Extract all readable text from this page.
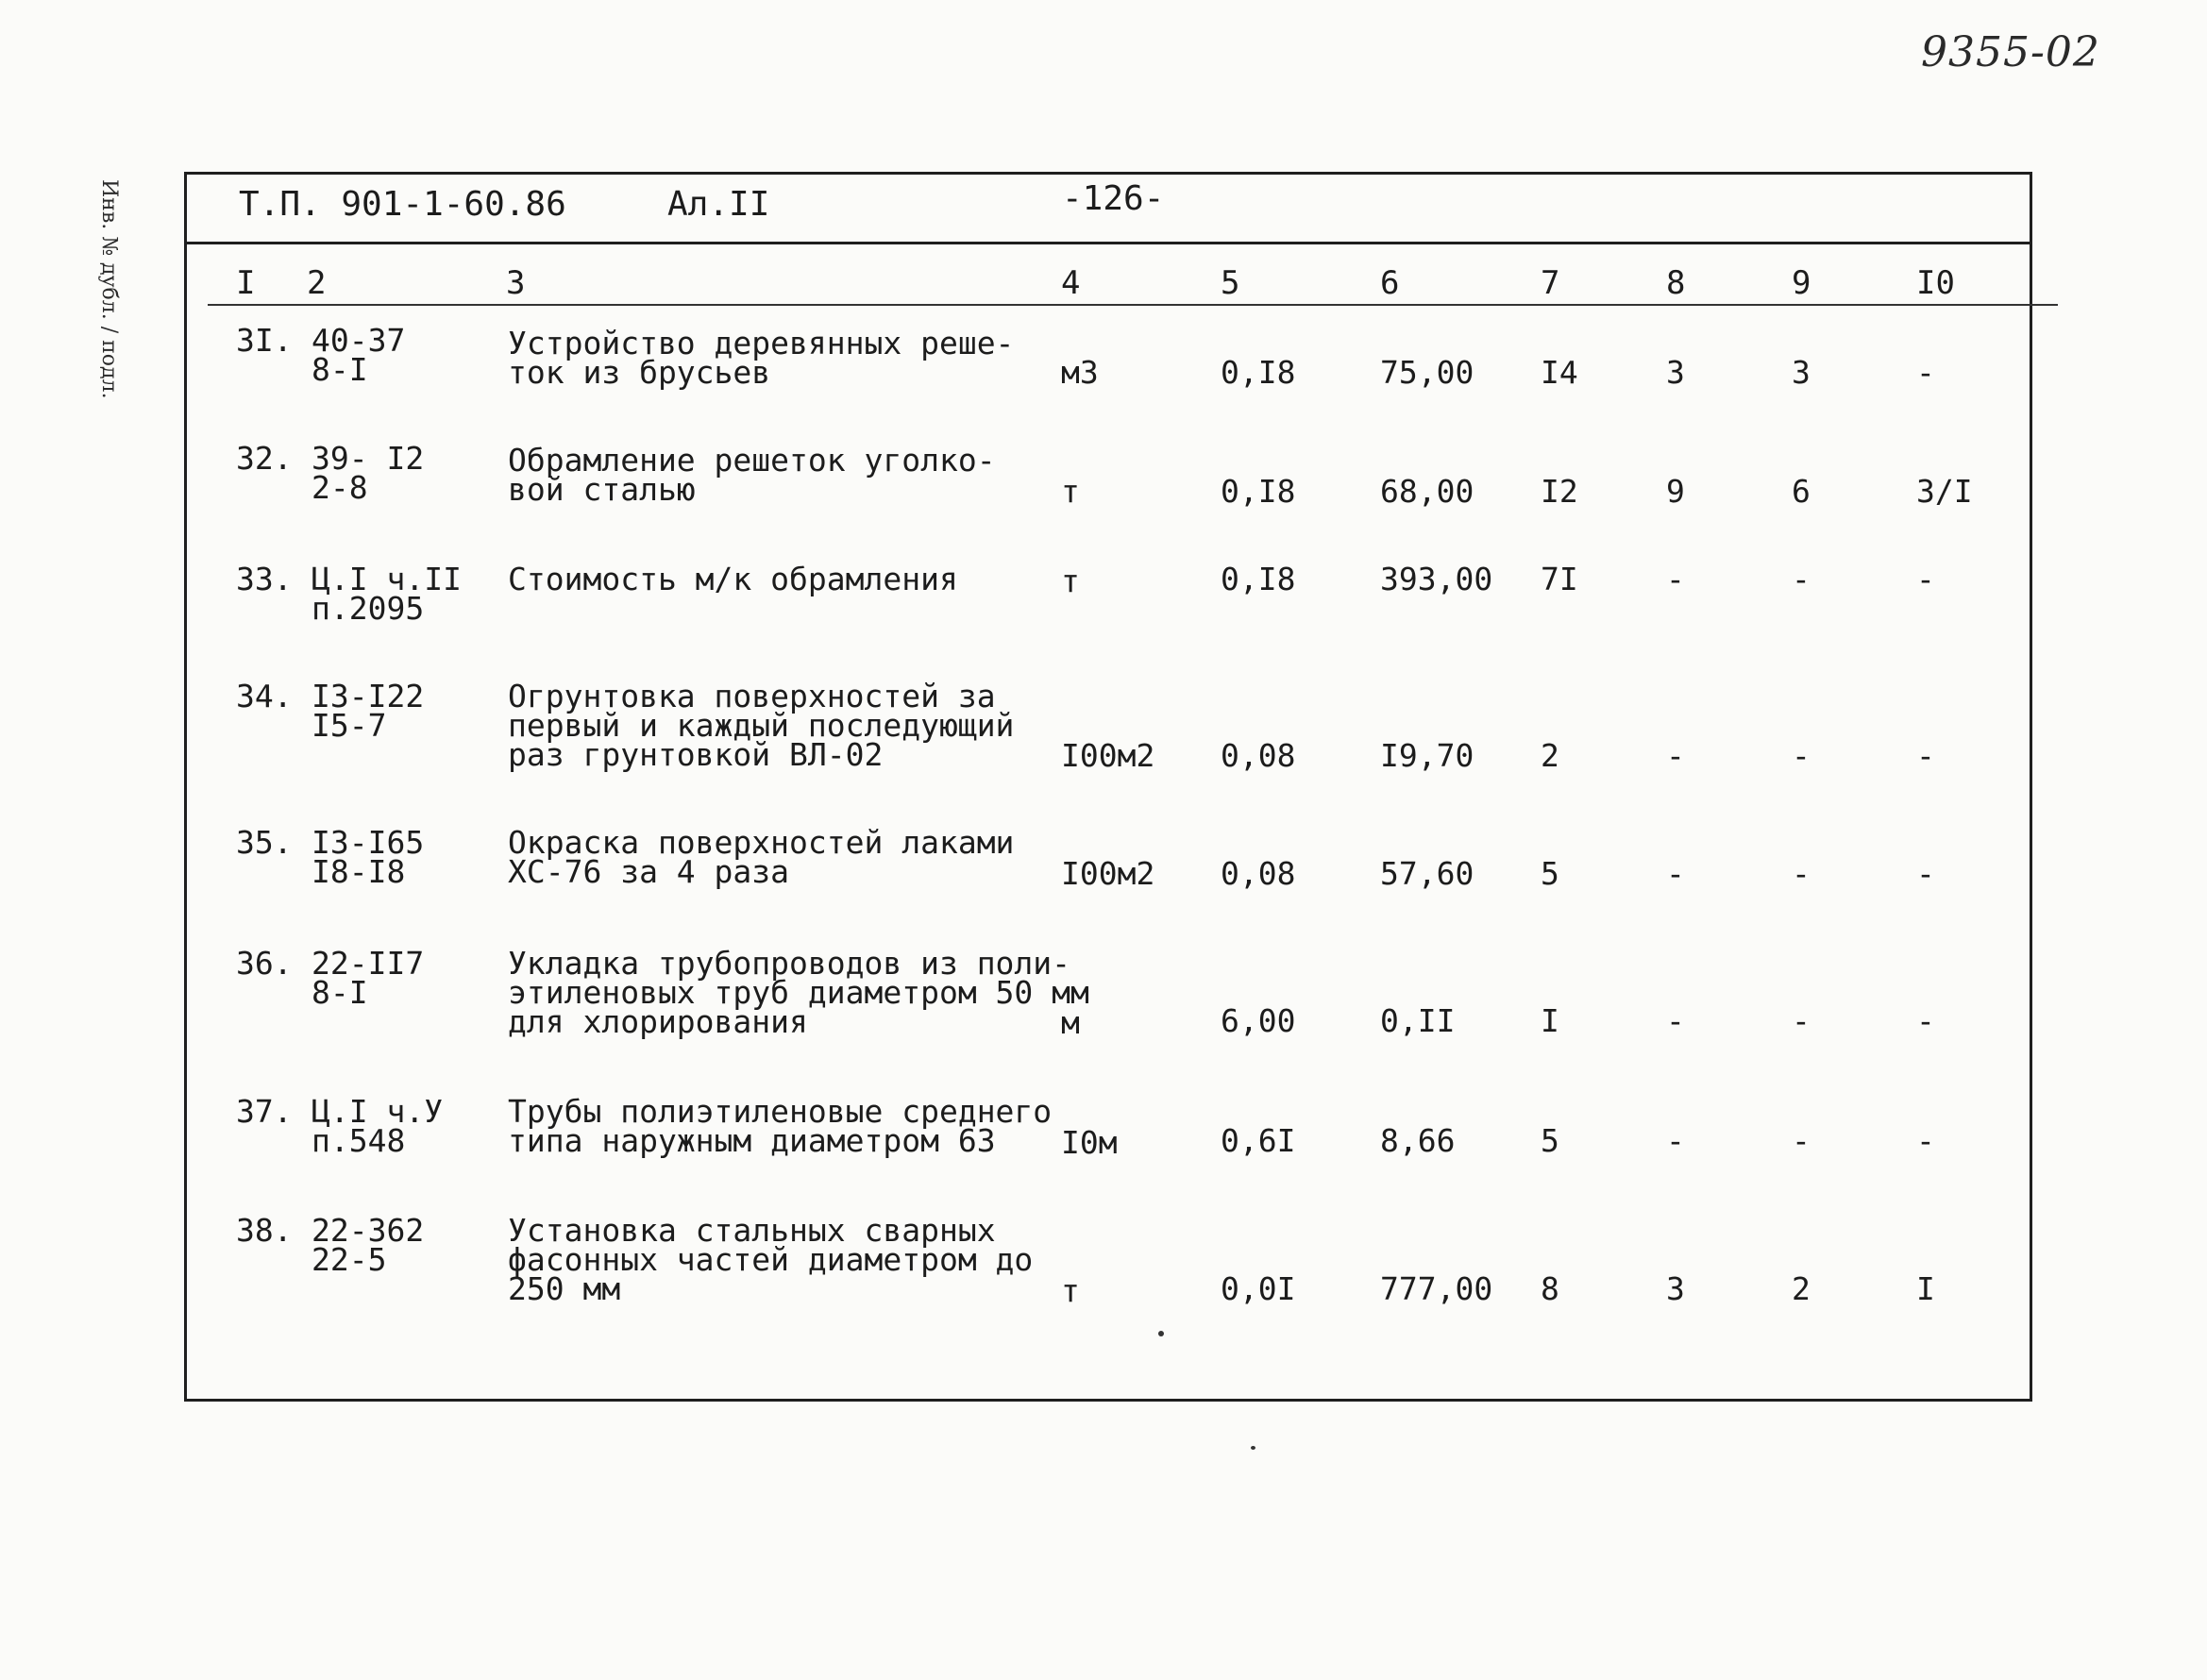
9355-02
Инв. № дубл. / подл.	Т.П. 901-1-60.86	Ал.II	-126-
I 2	3	4	5	6	7	8	9	I0
3I. 40-37
8-I
Устройство деревянных реше-
ток из брусьев	м3	0,I8	75,00 I4	3	3	-
32. 39- I2
2-8
Обрамление решеток уголко-
вой сталью	т	0,I8	68,00 I2	9	6	3/I
33. Ц.I ч.II
п.2095
Стоимость м/к обрамления	т	0,I8	393,00 7I	-	-	-
34. I3-I22
I5-7
Огрунтовка поверхностей за
первый и каждый последующий
раз грунтовкой ВЛ-02	I00м2 0,08	I9,70 2	-	-	-
35. I3-I65
I8-I8
Окраска поверхностей лаками
ХС-76 за 4 раза	I00м2 0,08	57,60 5	-	-	-
36. 22-II7
8-I
Укладка трубопроводов из поли-
этиленовых труб диаметром 50 мм
для хлорирования	м	6,00	0,II	I	-	-	-
37. Ц.I ч.У
п.548
Трубы полиэтиленовые среднего
типа наружным диаметром 63 I0м	0,6I	8,66	5	-	-	-
38. 22-362
22-5
Установка стальных сварных
фасонных частей диаметром до
250 мм	т	0,0I	777,00 8	3	2	I
